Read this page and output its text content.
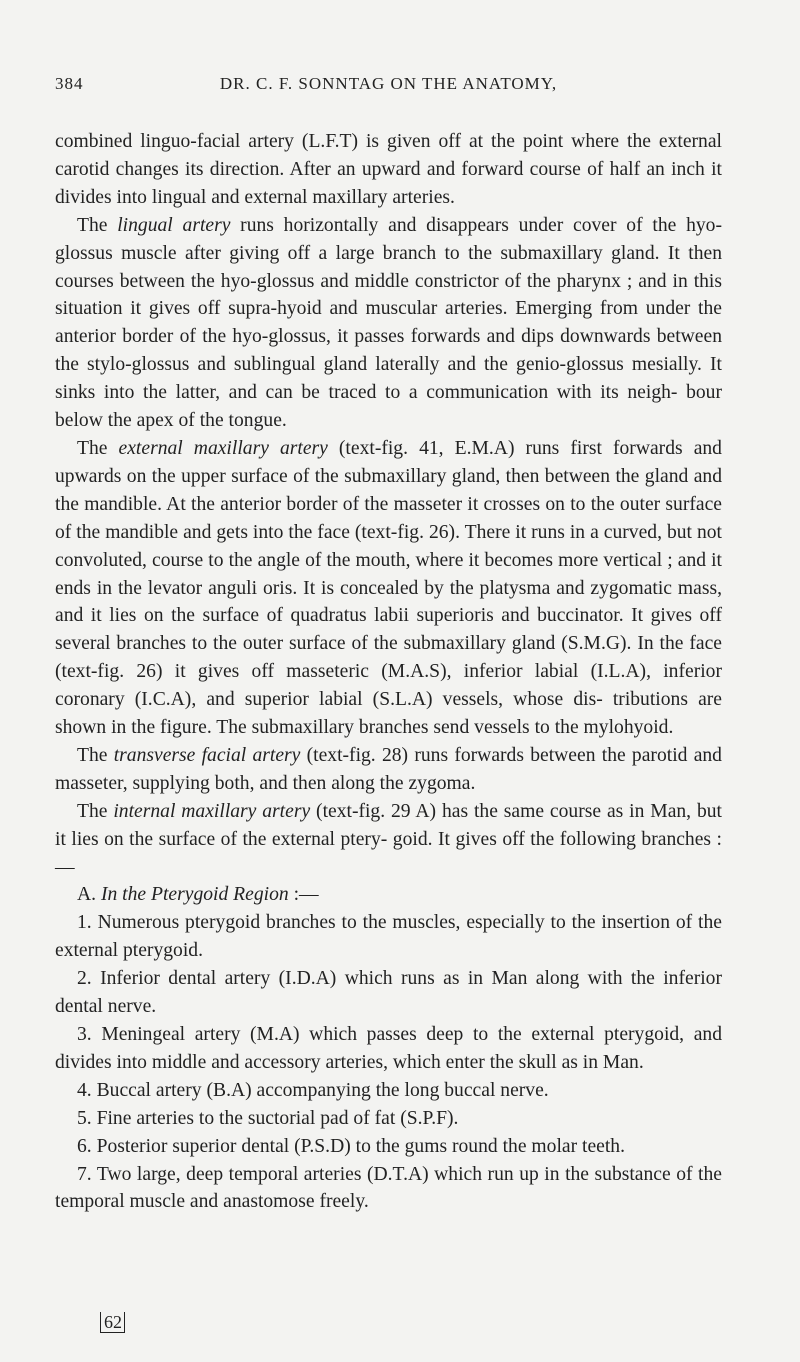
384	DR. C. F. SONNTAG ON THE ANATOMY,

combined linguo-facial artery (L.F.T) is given off at the point where the external carotid changes its direction. After an upward and forward course of half an inch it divides into lingual and external maxillary arteries.

The lingual artery runs horizontally and disappears under cover of the hyo-glossus muscle after giving off a large branch to the submaxillary gland. It then courses between the hyo-glossus and middle constrictor of the pharynx ; and in this situation it gives off supra-hyoid and muscular arteries. Emerging from under the anterior border of the hyo-glossus, it passes forwards and dips downwards between the stylo-glossus and sublingual gland laterally and the genio-glossus mesially. It sinks into the latter, and can be traced to a communication with its neigh- bour below the apex of the tongue.

The external maxillary artery (text-fig. 41, E.M.A) runs first forwards and upwards on the upper surface of the submaxillary gland, then between the gland and the mandible. At the anterior border of the masseter it crosses on to the outer surface of the mandible and gets into the face (text-fig. 26). There it runs in a curved, but not convoluted, course to the angle of the mouth, where it becomes more vertical ; and it ends in the levator anguli oris. It is concealed by the platysma and zygomatic mass, and it lies on the surface of quadratus labii superioris and buccinator. It gives off several branches to the outer surface of the submaxillary gland (S.M.G). In the face (text-fig. 26) it gives off masseteric (M.A.S), inferior labial (I.L.A), inferior coronary (I.C.A), and superior labial (S.L.A) vessels, whose dis- tributions are shown in the figure. The submaxillary branches send vessels to the mylohyoid.

The transverse facial artery (text-fig. 28) runs forwards between the parotid and masseter, supplying both, and then along the zygoma.

The internal maxillary artery (text-fig. 29 A) has the same course as in Man, but it lies on the surface of the external ptery- goid. It gives off the following branches :—

A. In the Pterygoid Region :—

1. Numerous pterygoid branches to the muscles, especially to the insertion of the external pterygoid.

2. Inferior dental artery (I.D.A) which runs as in Man along with the inferior dental nerve.

3. Meningeal artery (M.A) which passes deep to the external pterygoid, and divides into middle and accessory arteries, which enter the skull as in Man.

4. Buccal artery (B.A) accompanying the long buccal nerve.

5. Fine arteries to the suctorial pad of fat (S.P.F).

6. Posterior superior dental (P.S.D) to the gums round the molar teeth.

7. Two large, deep temporal arteries (D.T.A) which run up in the substance of the temporal muscle and anastomose freely.

62
